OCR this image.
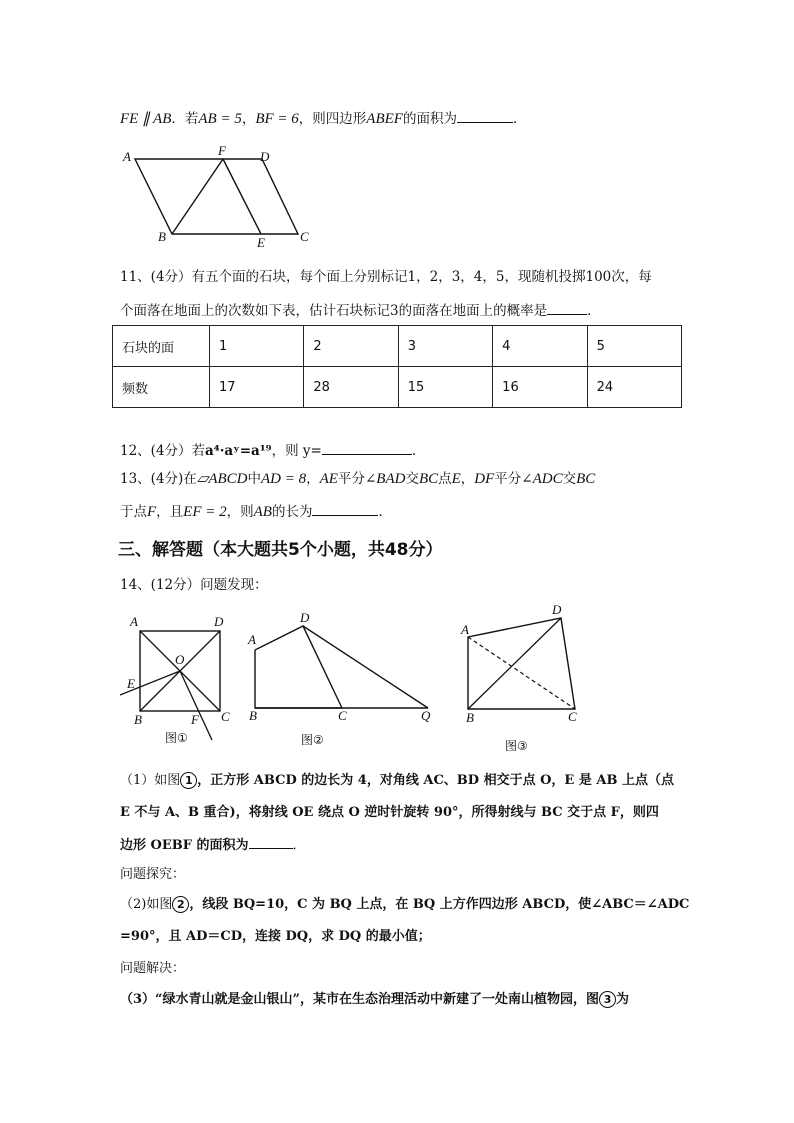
FE ∥ AB．若AB = 5，BF = 6，则四边形ABEF的面积为	．
A	F	D
B	E	C
11、(4分）有五个面的石块，每个面上分别标记1，2，3，4，5，现随机投掷100次，每
个面落在地面上的次数如下表，估计石块标记3的面落在地面上的概率是	．
石块的面	1	2	3	4	5
频数	17	28	15	16	24
12、(4分）若a⁴·aʸ=a¹⁹，则 y=	．
13、(4分)在▱ABCD中AD = 8，AE平分∠BAD交BC点E，DF平分∠ADC交BC
于点F，且EF = 2，则AB的长为	．
三、解答题（本大题共5个小题，共48分）
14、(12分）问题发现：
A	D
O
E
B	F C
图①
D
A
B	C	Q
图②
D
A
B	C
图③
（1）如图 1 ，正方形 ABCD 的边长为 4，对角线 AC、BD 相交于点 O，E 是 AB 上点（点
E 不与 A、B 重合)，将射线 OE 绕点 O 逆时针旋转 90°，所得射线与 BC 交于点 F，则四
边形 OEBF 的面积为	．
问题探究：
（2)如图 2 ，线段 BQ=10，C 为 BQ 上点，在 BQ 上方作四边形 ABCD，使∠ABC＝∠ADC
=90°，且 AD＝CD，连接 DQ，求 DQ 的最小值；
问题解决：
（3）“绿水青山就是金山银山”，某市在生态治理活动中新建了一处南山植物园，图 3 为
